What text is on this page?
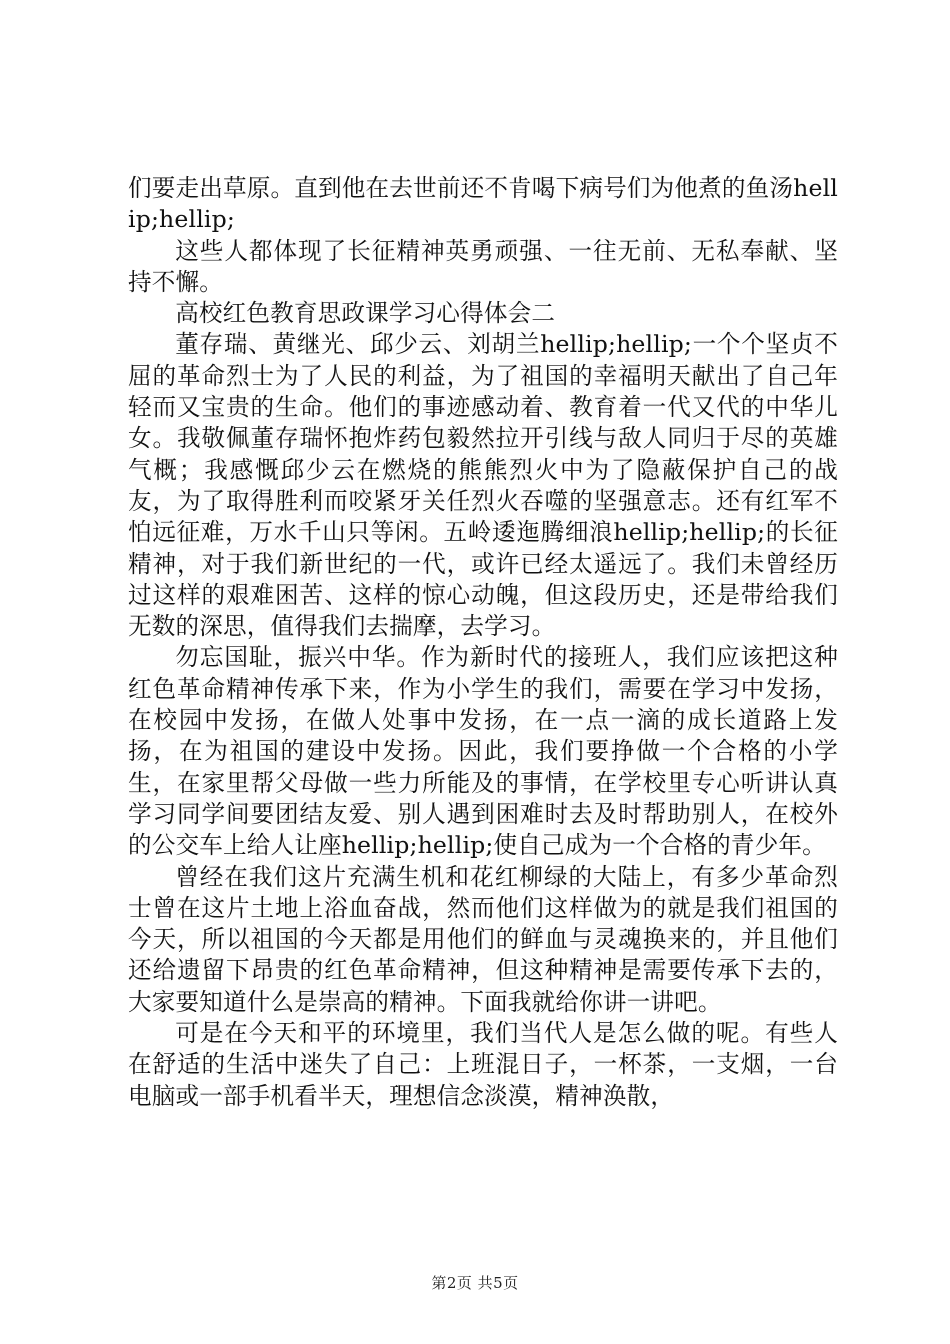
们要走出草原。直到他在去世前还不肯喝下病号们为他煮的鱼汤hellip;hellip;

这些人都体现了长征精神英勇顽强、一往无前、无私奉献、坚持不懈。

高校红色教育思政课学习心得体会二

董存瑞、黄继光、邱少云、刘胡兰hellip;hellip;一个个坚贞不屈的革命烈士为了人民的利益，为了祖国的幸福明天献出了自己年轻而又宝贵的生命。他们的事迹感动着、教育着一代又代的中华儿女。我敬佩董存瑞怀抱炸药包毅然拉开引线与敌人同归于尽的英雄气概；我感慨邱少云在燃烧的熊熊烈火中为了隐蔽保护自己的战友，为了取得胜利而咬紧牙关任烈火吞噬的坚强意志。还有红军不怕远征难，万水千山只等闲。五岭逶迤腾细浪hellip;hellip;的长征精神，对于我们新世纪的一代，或许已经太遥远了。我们未曾经历过这样的艰难困苦、这样的惊心动魄，但这段历史，还是带给我们无数的深思，值得我们去揣摩，去学习。

勿忘国耻，振兴中华。作为新时代的接班人，我们应该把这种红色革命精神传承下来，作为小学生的我们，需要在学习中发扬，在校园中发扬，在做人处事中发扬，在一点一滴的成长道路上发扬，在为祖国的建设中发扬。因此，我们要挣做一个合格的小学生，在家里帮父母做一些力所能及的事情，在学校里专心听讲认真学习同学间要团结友爱、别人遇到困难时去及时帮助别人，在校外的公交车上给人让座hellip;hellip;使自己成为一个合格的青少年。

曾经在我们这片充满生机和花红柳绿的大陆上，有多少革命烈士曾在这片土地上浴血奋战，然而他们这样做为的就是我们祖国的今天，所以祖国的今天都是用他们的鲜血与灵魂换来的，并且他们还给遗留下昂贵的红色革命精神，但这种精神是需要传承下去的，大家要知道什么是崇高的精神。下面我就给你讲一讲吧。

可是在今天和平的环境里，我们当代人是怎么做的呢。有些人在舒适的生活中迷失了自己：上班混日子，一杯茶，一支烟，一台电脑或一部手机看半天，理想信念淡漠，精神涣散，

第2页 共5页
